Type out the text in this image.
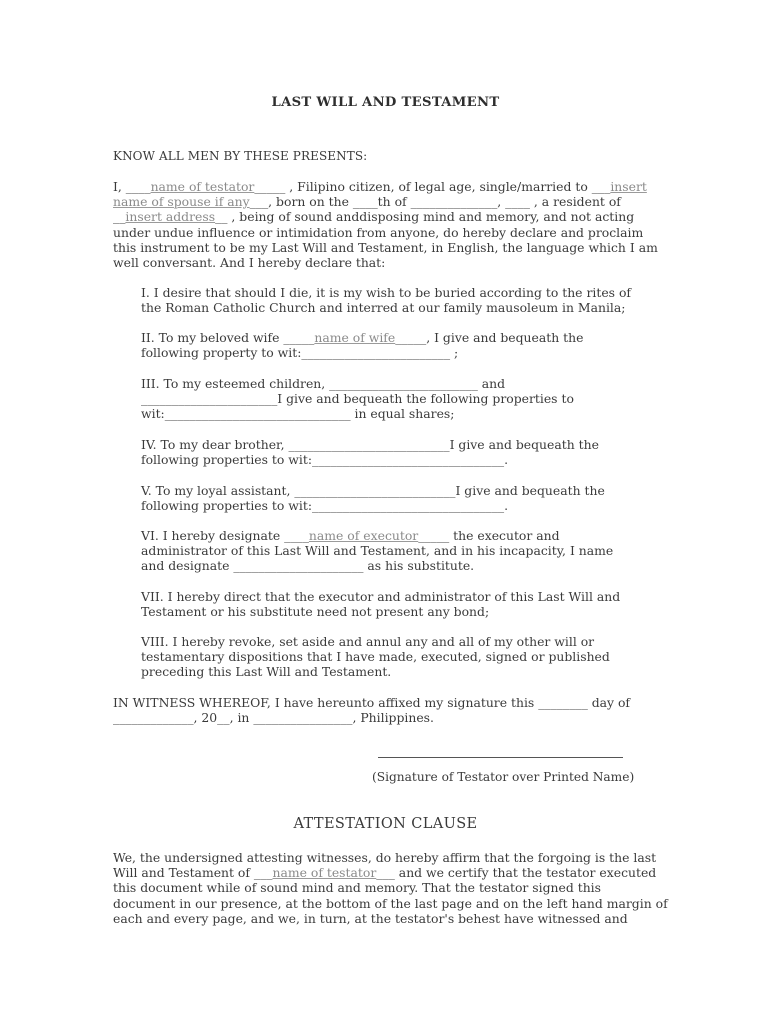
LAST WILL AND TESTAMENT
KNOW ALL MEN BY THESE PRESENTS:
I, ____name of testator_____ , Filipino citizen, of legal age, single/married to ___insert
name of spouse if any___, born on the ____th of ______________, ____ , a resident of
__insert address__ , being of sound anddisposing mind and memory, and not acting
under undue influence or intimidation from anyone, do hereby declare and proclaim
this instrument to be my Last Will and Testament, in English, the language which I am
well conversant. And I hereby declare that:
I. I desire that should I die, it is my wish to be buried according to the rites of
the Roman Catholic Church and interred at our family mausoleum in Manila;
II. To my beloved wife _____name of wife_____, I give and bequeath the
following property to wit:________________________ ;
III. To my esteemed children, ________________________ and
______________________I give and bequeath the following properties to
wit:______________________________ in equal shares;
IV. To my dear brother, __________________________I give and bequeath the
following properties to wit:_______________________________.
V. To my loyal assistant, __________________________I give and bequeath the
following properties to wit:_______________________________.
VI. I hereby designate ____name of executor_____ the executor and
administrator of this Last Will and Testament, and in his incapacity, I name
and designate _____________________ as his substitute.
VII. I hereby direct that the executor and administrator of this Last Will and
Testament or his substitute need not present any bond;
VIII. I hereby revoke, set aside and annul any and all of my other will or
testamentary dispositions that I have made, executed, signed or published
preceding this Last Will and Testament.
IN WITNESS WHEREOF, I have hereunto affixed my signature this ________ day of
_____________, 20__, in ________________, Philippines.
(Signature of Testator over Printed Name)
ATTESTATION CLAUSE
We, the undersigned attesting witnesses, do hereby affirm that the forgoing is the last
Will and Testament of ___name of testator___ and we certify that the testator executed
this document while of sound mind and memory. That the testator signed this
document in our presence, at the bottom of the last page and on the left hand margin of
each and every page, and we, in turn, at the testator's behest have witnessed and
